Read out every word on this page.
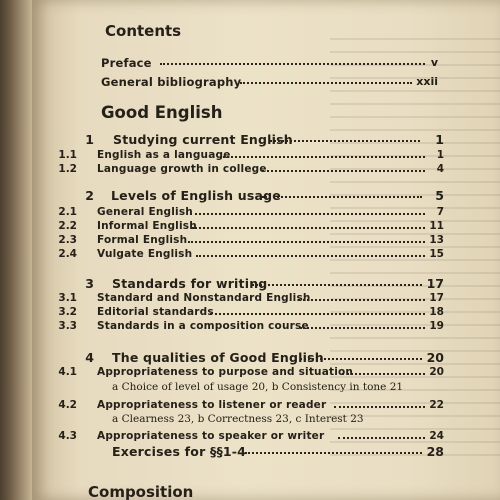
Contents
Preface	v
General bibliography	xxii
Good English
1 Studying current English	1
1.1 English as a language	1
1.2 Language growth in college	4
2 Levels of English usage	5
2.1 General English	7
2.2 Informal English	11
2.3 Formal English	13
2.4 Vulgate English	15
3 Standards for writing	17
3.1 Standard and Nonstandard English	17
3.2 Editorial standards	18
3.3 Standards in a composition course	19
4 The qualities of Good English	20
4.1 Appropriateness to purpose and situation	20
a Choice of level of usage 20, b Consistency in tone 21
4.2 Appropriateness to listener or reader	22
a Clearness 23, b Correctness 23, c Interest 23
4.3 Appropriateness to speaker or writer	24
Exercises for §§1-4	28
Composition
